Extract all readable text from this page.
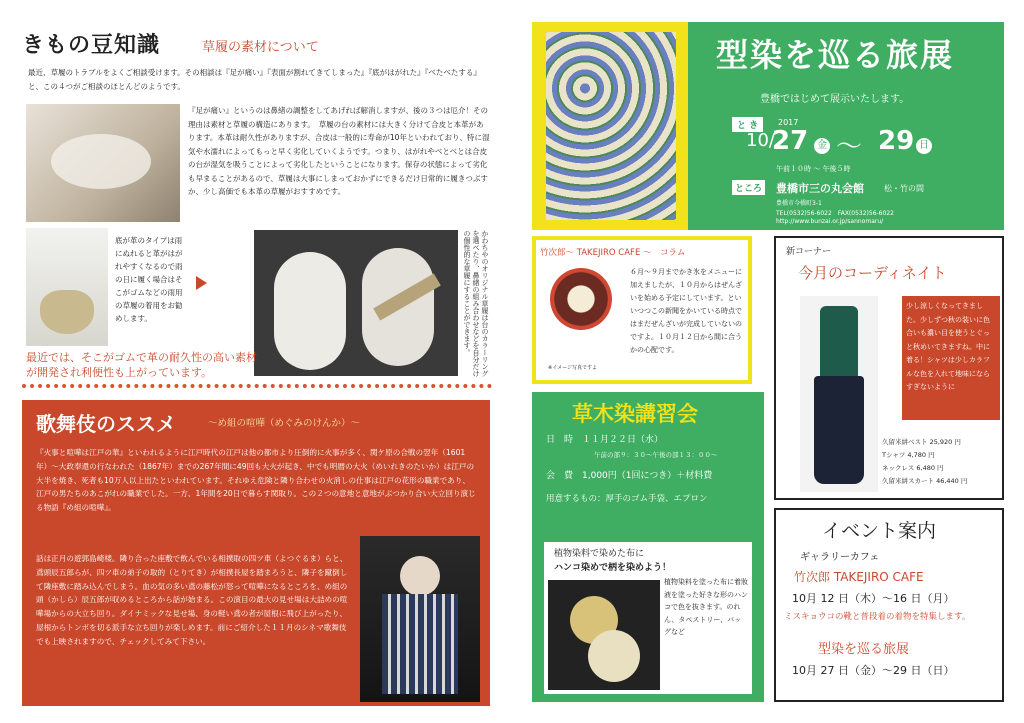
きもの豆知識	草履の素材について
最近、草履のトラブルをよくご相談受けます。その相談は『足が痛い』『表面が割れてきてしまった』『底がはがれた』『べたべたする』と、この４つがご相談のほとんどのようです。
『足が痛い』というのは鼻緒の調整をしてあげれば解消しますが、後の３つは厄介！その理由は素材と草履の構造にあります。　草履の台の素材には大きく分けて合皮と本革があります。本革は耐久性がありますが、合皮は一般的に寿命が10年といわれており、特に湿気や水濡れによってもっと早く劣化していくようです。つまり、はがれやべとべとは合皮の台が湿気を吸うことによって劣化したということになります。保存の状態によって劣化も早まることがあるので、草履は大事にしまっておかずにできるだけ日常的に履きつぶすか、少し高価でも本革の草履がおすすめです。
底が革のタイプは雨にぬれると革がはがれやすくなるので雨の日に履く場合はそこがゴムなどの雨用の草履の着用をお勧めします。	かわちやのオリジナル草履は台のカラーリングを選べたり、鼻緒の組み合わせなどを自分だけの個性的な草履にすることができます。
最近では、そこがゴムで革の耐久性の高い素材が開発され利便性も上がっています。
歌舞伎のススメ	～め組の喧嘩（めぐみのけんか）～
『火事と喧嘩は江戸の華』といわれるように江戸時代の江戸は他の都市より圧倒的に火事が多く、関ケ原の合戦の翌年（1601年）～大政奉還の行なわれた（1867年）までの267年間に49回も大火が起き、中でも明暦の大火（めいれきのたいか）は江戸の大半を焼き、死者も10万人以上出たといわれています。それゆえ危険と隣り合わせの火消しの仕事は江戸の花形の職業であり、江戸の男たちのあこがれの職業でした。一方、1年間を20日で暮らす関取り。この２つの意地と意地がぶつかり合い大立回り演じる物語『め組の喧嘩』。
話は正月の遊郭島崎楼。隣り合った座敷で飲んでいる相撲取の四ツ車（よつぐるま）らと、鳶頭辰五郎らが、四ツ車の弟子の取的（とりてき）が相撲長屋を踏まろうと、隣子を蹴倒して隣座敷に踏み込んでしまう。血の気の多い鳶の藤松が怒って喧嘩になるところを、め組の頭（かしら）辰五郎が収めるところから話が始まる。この演目の最大の見せ場は大詰めの喧嘩場からの大立ち回り。ダイナミックな見せ場、身の軽い鳶の者が屋根に飛び上がったり、屋根からトンボを切る派手な立ち回りが楽しめます。前にご紹介した１１月のシネマ歌舞伎でも上映されますので、チェックしてみて下さい。
型染を巡る旅展
豊橋ではじめて展示いたします。
と き	2017
10/
27 金 ～ 29 日
午前１０時 ～ 午後５時
ところ 豊橋市三の丸会館	松・竹の間
豊橋市今橋町3-1
TEL(0532)56-6022　FAX(0532)56-6022
http://www.bunzai.or.jp/sannomaru/
竹次郎～ TAKEJIRO CAFE ～　コラム
※イメージ写真ですよ
６月～９月までかき氷をメニューに加えましたが、１０月からはぜんざいを始める予定にしています。といいつつこの新聞をかいている時点ではまだぜんざいが完成していないのですよ。１０月１２日から間に合うかの心配です。
新コーナー
今月のコーディネイト
少し涼しくなってきました。少しずつ秋の装いに色合いも濃い目を使うとぐっと秋めいてきますね。中に着る！シャツは少しカラフルな色を入れて地味にならすぎないように
久留米絣ベスト 25,920 円
Tシャツ 4,780 円
ネックレス 6,480 円
久留米絣スカート 46,440 円
草木染講習会
日　時　１１月２２日（水）
午前の部９：３０～午後の部１３：００～
会　費　1,000円（1回につき）＋材料費
用意するもの：厚手のゴム手袋、エプロン
植物染料で染めた布に
ハンコ染めで柄を染めよう！
植物染料を塗った布に着妝液を塗った好きな形のハンコで色を抜きます。のれん、タペストリー、バッグなど
イベント案内
ギャラリーカフェ
竹次郎 TAKEJIRO CAFE
10月 12 日（木）～16 日（月）
ミスキョウコの靴と普段着の着物を特集します。
型染を巡る旅展
10月 27 日（金）～29 日（日）
